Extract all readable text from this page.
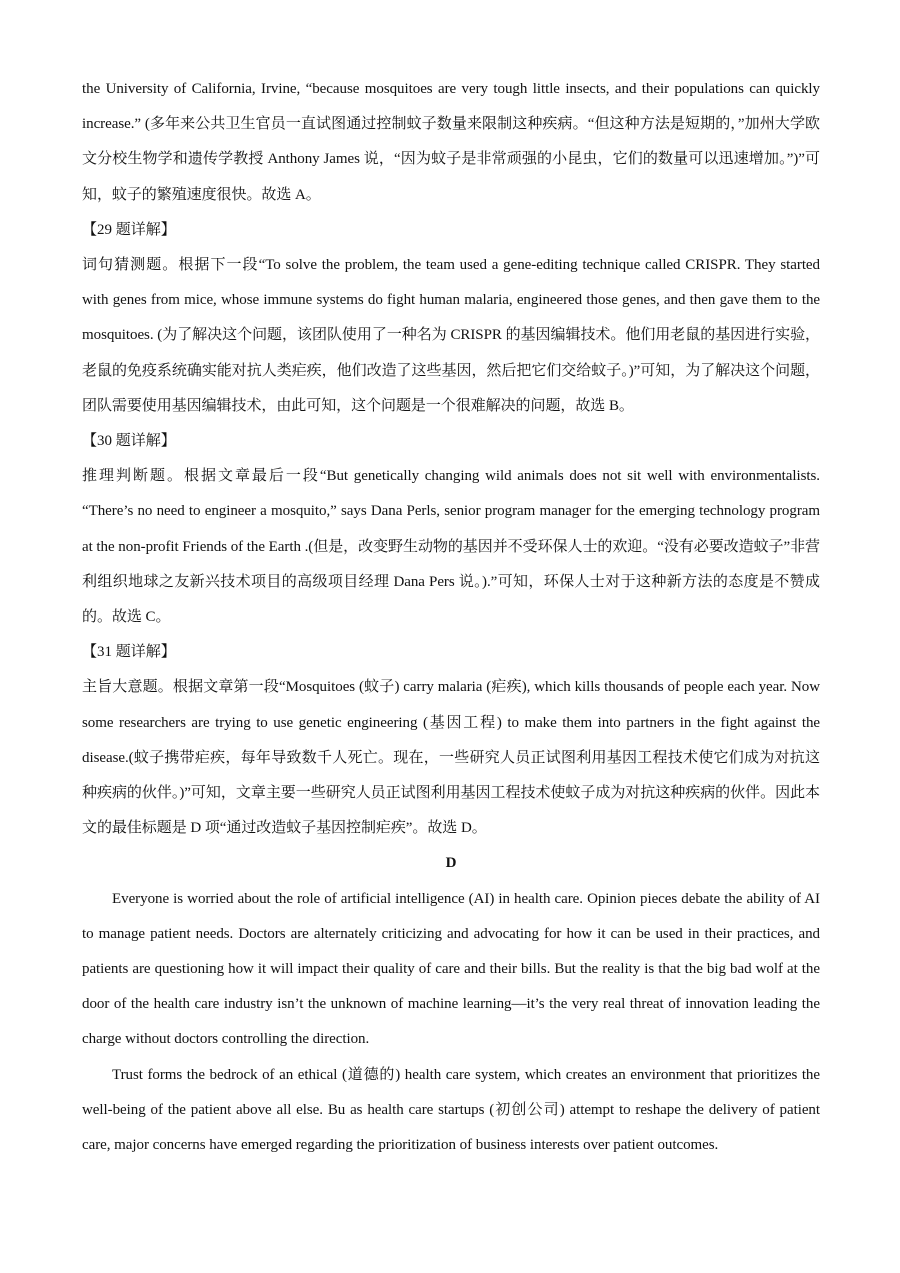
the University of California, Irvine, “because mosquitoes are very tough little insects, and their populations can quickly increase.” (多年来公共卫生官员一直试图通过控制蚊子数量来限制这种疾病。“但这种方法是短期的，”加州大学欧文分校生物学和遗传学教授 Anthony James 说，“因为蚊子是非常顽强的小昆虫，它们的数量可以迅速增加。”)”可知，蚊子的繁殖速度很快。故选 A。

【29 题详解】

词句猜测题。根据下一段“To solve the problem, the team used a gene-editing technique called CRISPR. They started with genes from mice, whose immune systems do fight human malaria, engineered those genes, and then gave them to the mosquitoes. (为了解决这个问题，该团队使用了一种名为 CRISPR 的基因编辑技术。他们用老鼠的基因进行实验，老鼠的免疫系统确实能对抗人类疟疾，他们改造了这些基因，然后把它们交给蚊子。)”可知，为了解决这个问题，团队需要使用基因编辑技术，由此可知，这个问题是一个很难解决的问题，故选 B。

【30 题详解】

推理判断题。根据文章最后一段“But genetically changing wild animals does not sit well with environmentalists. “There’s no need to engineer a mosquito,” says Dana Perls, senior program manager for the emerging technology program at the non-profit Friends of the Earth .(但是，改变野生动物的基因并不受环保人士的欢迎。“没有必要改造蚊子”非营利组织地球之友新兴技术项目的高级项目经理 Dana Pers 说。).”可知，环保人士对于这种新方法的态度是不赞成的。故选 C。

【31 题详解】

主旨大意题。根据文章第一段“Mosquitoes (蚊子) carry malaria (疟疾), which kills thousands of people each year. Now some researchers are trying to use genetic engineering (基因工程) to make them into partners in the fight against the disease.(蚊子携带疟疾，每年导致数千人死亡。现在，一些研究人员正试图利用基因工程技术使它们成为对抗这种疾病的伙伴。)”可知，文章主要一些研究人员正试图利用基因工程技术使蚊子成为对抗这种疾病的伙伴。因此本文的最佳标题是 D 项“通过改造蚊子基因控制疟疾”。故选 D。

D

Everyone is worried about the role of artificial intelligence (AI) in health care. Opinion pieces debate the ability of AI to manage patient needs. Doctors are alternately criticizing and advocating for how it can be used in their practices, and patients are questioning how it will impact their quality of care and their bills. But the reality is that the big bad wolf at the door of the health care industry isn’t the unknown of machine learning—it’s the very real threat of innovation leading the charge without doctors controlling the direction.

Trust forms the bedrock of an ethical (道德的) health care system, which creates an environment that prioritizes the well-being of the patient above all else. Bu as health care startups (初创公司) attempt to reshape the delivery of patient care, major concerns have emerged regarding the prioritization of business interests over patient outcomes.
